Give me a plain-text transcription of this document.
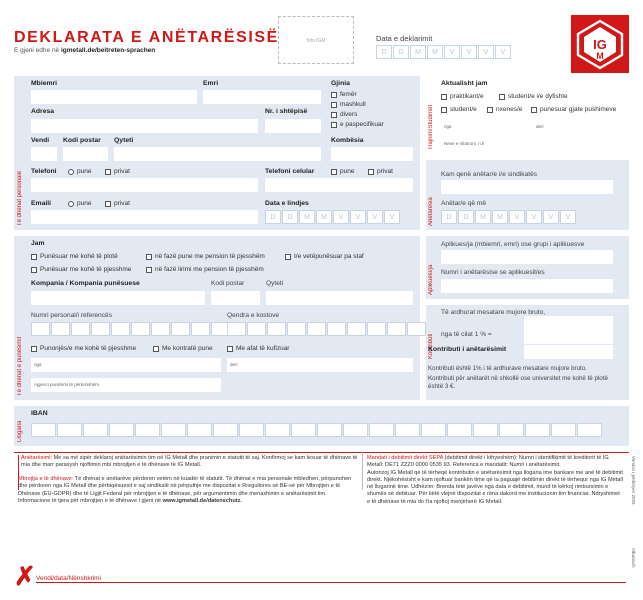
DEKLARATA E ANËTARËSISË
E gjeni edhe në igmetall.de/beitreten-sprachen
foto IGM	Data e deklarimit
D	D	M	M	V	V	V	V
IG
M
Të dhënat personale
Mbiemri	Emri	Gjinia
femër
mashkull
divers
e paspecifikuar
Adresa	Nr. i shtëpisë
Vendi Kodi postar Qyteti	Kombësia
Telefoni	pune	privat	Telefoni celular	pune	privat
Emaili	pune	privat	Data e lindjes
D	D	M	M	V	V	V	V
Trajnim/Studimet
Aktualisht jam
praktikant/e	student/e i/e dyfishte
student/e	nxenes/e	punesuar gjate pushimeve
nga	deri
Nese e mbaroni, n.k
Anëtarësia
Kam qenë anëtar/e i/e sindikatës
Anëtar/e që më
D	D	M	M	V	V	V	V
Të dhënat e punësimit
Jam
Punësuar me kohë të plotë	në fazë pune me pension të pjesshëm	I/e vetëpunësuar pa staf
Punësuar me kohë të pjesshme	në fazë lirimi me pension të pjesshëm
Kompania / Kompania punësuese	Kodi postar	Qyteti
Numri personal/i referencës	Qendra e kostove
Punonjës/e me kohë të pjesshme	Me kontratë pune	Me afat të kufizuar
nga	deri
Agjenci punësimi të përkohshëm
Aplikuesi/ja
Aplikues/ja (mbiemri, emri) ose grupi i aplikuesve
Numri i anëtarësise se aplikuesit/es
Kontributi
Të ardhurat mesatare mujore bruto,
nga të cilat 1 % =
Kontributi i anëtarësimit
Kontributi është 1% i të ardhurave mesatare mujore bruto.
Kontributi për anëtarët në shkollë ose universitet me kohë të plotë është 3 €.
Llogaria
IBAN
Anëtarësimi: Me sa më sipër deklaroj anëtarësimin tim në IG Metall dhe pranimin e statutit të saj. Konfirmoj se kam lexuar të dhënave të mia dhe marr parasysh njoftimin mbi mbrojtjen e të dhënave të IG Metall.
Mbrojtja e të dhënave: Të dhënat e anëtarëve përdoren vetëm në kuadër të statutit. Të dhënat e mia personale mbledhen, përpunohen dhe përdoren nga IG Metall dhe përfaqësuesit e saj sindikalë në përputhje me dispozitat e Rregullores së BE-së për Mbrojtjen e të Dhënave (EU-GDPR) dhe të Ligjit Federal për mbrojtjen e të dhënave, për argumentimin dhe menaxhimin e anëtarësimit tim. Informacione të tjera për mbrojtjen e të dhënave i gjeni në www.igmetall.de/datenschutz.
Mandati i debitimit direkt SEPA (debitimit direkt i kthyeshëm): Numri i identifikimit të kreditorit të IG Metall: DE71 ZZZ0 0000 0535 93. Referenca e mandatit: Numri i anëtarësimit.
Autorizoj IG Metall që të tërheqë kontributin e anëtarësimit nga llogaria ime bankare me anë të debitimit direkt. Njëkohësisht e kam njoftuar bankën time që ta paguajë debitimin direkt të tërhequr nga IG Metall në llogarinë time. Udhëzim: Brenda tetë javëve nga data e debitimit, mund të kërkoj rimbursimin e shumës së debituar. Për këtë vlejnë dispozitat e rëna dakord me institucionin tim financiar. Ndryshimet e të dhënave të mia do t'ia njoftoj menjëherë IG Metall.	Version i përkthyer 2025
Albanisch
✗ Vendi/data/Nënshkrimi
